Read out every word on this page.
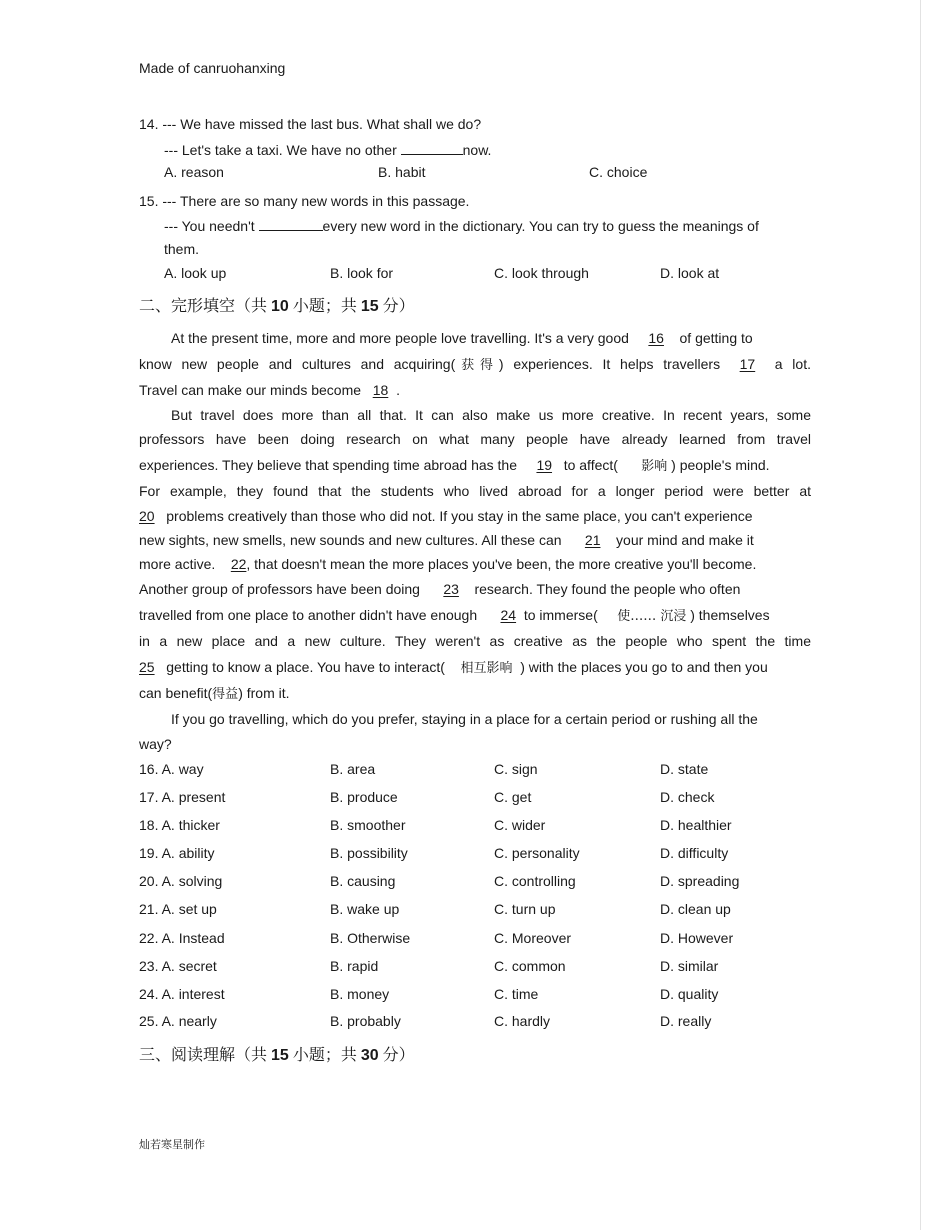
Made of canruohanxing
14. --- We have missed the last bus. What shall we do?
--- Let's take a taxi. We have no other	now.
A. reason	B. habit	C. choice
15. --- There are so many new words in this passage.
--- You needn't	every new word in the dictionary. You can try to guess the meanings of
them.
A. look up	B. look for	C. look through	D. look at
二、完形填空（共 10 小题；共 15 分）
At the present time, more and more people love travelling. It's a very good 16 of getting to
know new people and cultures and acquiring(获得) experiences. It helps travellers 17 a lot.
Travel can make our minds become 18 .
But travel does more than all that. It can also make us more creative. In recent years, some
professors have been doing research on what many people have already learned from travel
experiences. They believe that spending time abroad has the 19 to affect( 影响 ) people's mind.
For example, they found that the students who lived abroad for a longer period were better at
20 problems creatively than those who did not. If you stay in the same place, you can't experience
new sights, new smells, new sounds and new cultures. All these can 21 your mind and make it
more active. 22, that doesn't mean the more places you've been, the more creative you'll become.
Another group of professors have been doing 23 research. They found the people who often
travelled from one place to another didn't have enough 24 to immerse( 使…… 沉浸 ) themselves
in a new place and a new culture. They weren't as creative as the people who spent the time
25 getting to know a place. You have to interact( 相互影响 ) with the places you go to and then you
can benefit(得益) from it.
If you go travelling, which do you prefer, staying in a place for a certain period or rushing all the
way?
16. A. way	B. area	C. sign	D. state
17. A. present	B. produce	C. get	D. check
18. A. thicker	B. smoother	C. wider	D. healthier
19. A. ability	B. possibility	C. personality	D. difficulty
20. A. solving	B. causing	C. controlling	D. spreading
21. A. set up	B. wake up	C. turn up	D. clean up
22. A. Instead	B. Otherwise	C. Moreover	D. However
23. A. secret	B. rapid	C. common	D. similar
24. A. interest	B. money	C. time	D. quality
25. A. nearly	B. probably	C. hardly	D. really
三、阅读理解（共 15 小题；共 30 分）
灿若寒星制作
